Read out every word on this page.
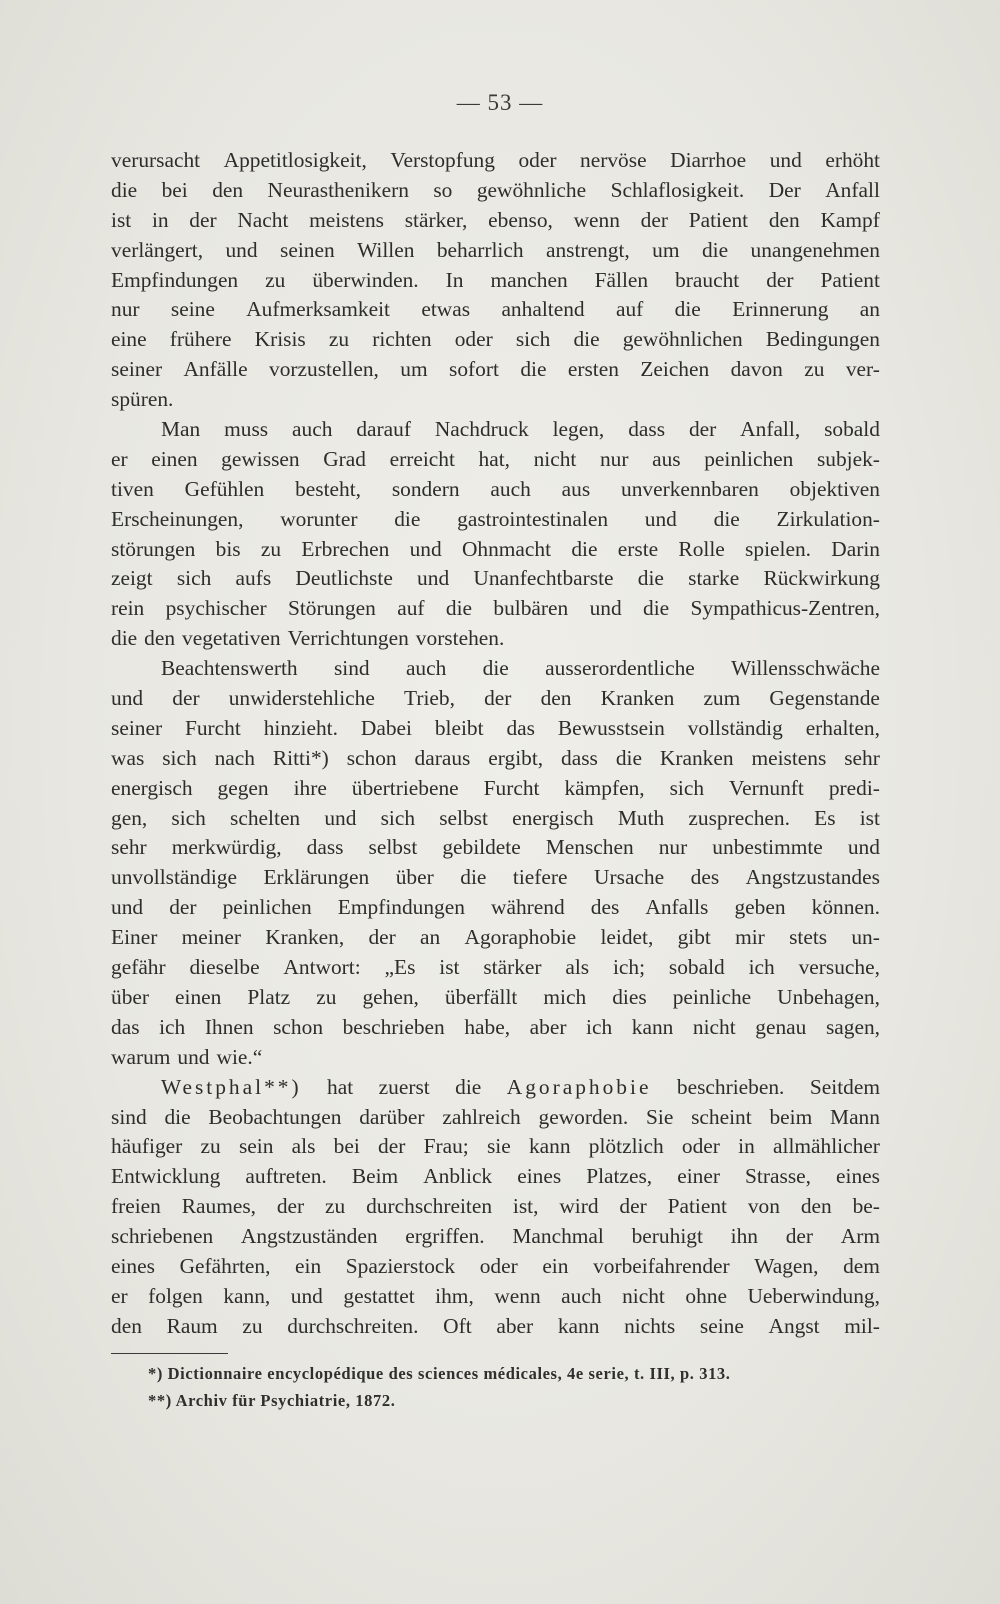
— 53 —
verursacht Appetitlosigkeit, Verstopfung oder nervöse Diarrhoe und erhöht
die bei den Neurasthenikern so gewöhnliche Schlaflosigkeit. Der Anfall
ist in der Nacht meistens stärker, ebenso, wenn der Patient den Kampf
verlängert, und seinen Willen beharrlich anstrengt, um die unangenehmen
Empfindungen zu überwinden. In manchen Fällen braucht der Patient
nur seine Aufmerksamkeit etwas anhaltend auf die Erinnerung an
eine frühere Krisis zu richten oder sich die gewöhnlichen Bedingungen
seiner Anfälle vorzustellen, um sofort die ersten Zeichen davon zu ver-
spüren.
Man muss auch darauf Nachdruck legen, dass der Anfall, sobald
er einen gewissen Grad erreicht hat, nicht nur aus peinlichen subjek-
tiven Gefühlen besteht, sondern auch aus unverkennbaren objektiven
Erscheinungen, worunter die gastrointestinalen und die Zirkulation-
störungen bis zu Erbrechen und Ohnmacht die erste Rolle spielen. Darin
zeigt sich aufs Deutlichste und Unanfechtbarste die starke Rückwirkung
rein psychischer Störungen auf die bulbären und die Sympathicus-Zentren,
die den vegetativen Verrichtungen vorstehen.
Beachtenswerth sind auch die ausserordentliche Willensschwäche
und der unwiderstehliche Trieb, der den Kranken zum Gegenstande
seiner Furcht hinzieht. Dabei bleibt das Bewusstsein vollständig erhalten,
was sich nach Ritti*) schon daraus ergibt, dass die Kranken meistens sehr
energisch gegen ihre übertriebene Furcht kämpfen, sich Vernunft predi-
gen, sich schelten und sich selbst energisch Muth zusprechen. Es ist
sehr merkwürdig, dass selbst gebildete Menschen nur unbestimmte und
unvollständige Erklärungen über die tiefere Ursache des Angstzustandes
und der peinlichen Empfindungen während des Anfalls geben können.
Einer meiner Kranken, der an Agoraphobie leidet, gibt mir stets un-
gefähr dieselbe Antwort: „Es ist stärker als ich; sobald ich versuche,
über einen Platz zu gehen, überfällt mich dies peinliche Unbehagen,
das ich Ihnen schon beschrieben habe, aber ich kann nicht genau sagen,
warum und wie.“
Westphal**) hat zuerst die Agoraphobie beschrieben. Seitdem
sind die Beobachtungen darüber zahlreich geworden. Sie scheint beim Mann
häufiger zu sein als bei der Frau; sie kann plötzlich oder in allmählicher
Entwicklung auftreten. Beim Anblick eines Platzes, einer Strasse, eines
freien Raumes, der zu durchschreiten ist, wird der Patient von den be-
schriebenen Angstzuständen ergriffen. Manchmal beruhigt ihn der Arm
eines Gefährten, ein Spazierstock oder ein vorbeifahrender Wagen, dem
er folgen kann, und gestattet ihm, wenn auch nicht ohne Ueberwindung,
den Raum zu durchschreiten. Oft aber kann nichts seine Angst mil-
*) Dictionnaire encyclopédique des sciences médicales, 4e serie, t. III, p. 313.
**) Archiv für Psychiatrie, 1872.
